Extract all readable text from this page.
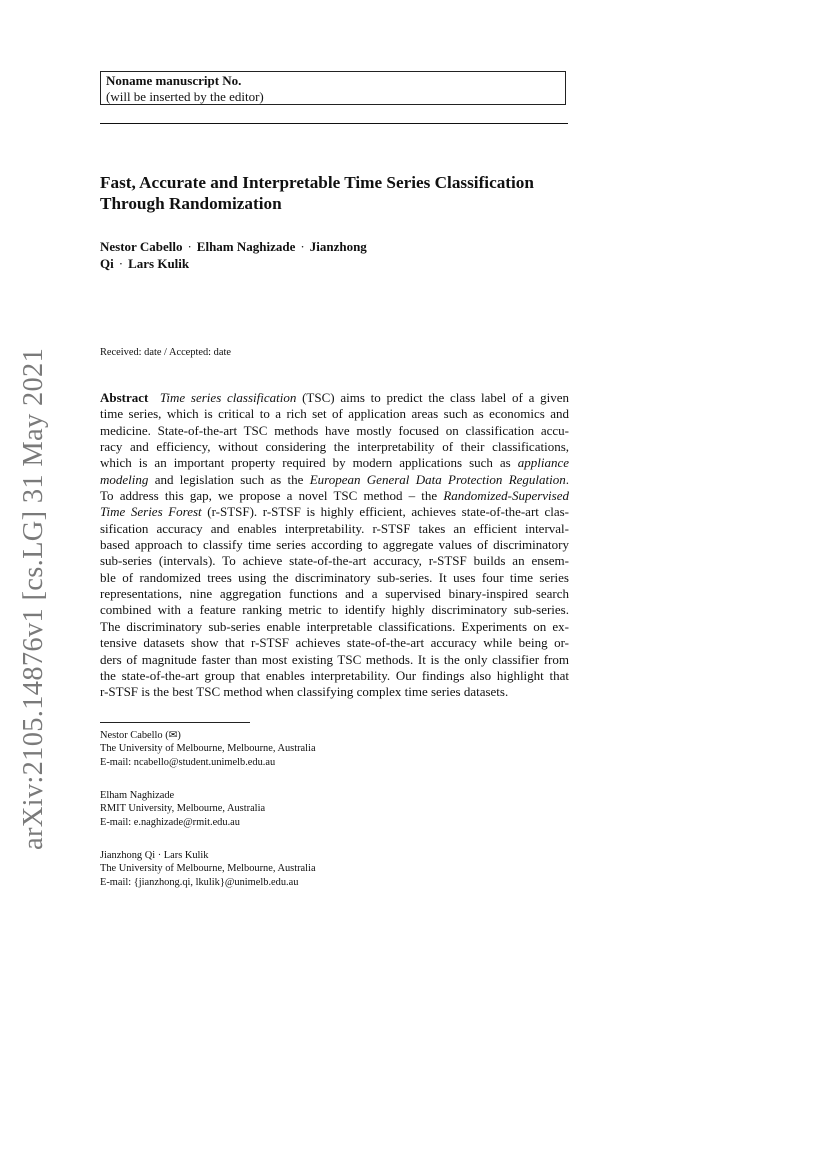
arXiv:2105.14876v1 [cs.LG] 31 May 2021
Noname manuscript No.
(will be inserted by the editor)
Fast, Accurate and Interpretable Time Series Classification
Through Randomization
Nestor Cabello · Elham Naghizade · Jianzhong
Qi · Lars Kulik
Received: date / Accepted: date
Abstract Time series classification (TSC) aims to predict the class label of a given
time series, which is critical to a rich set of application areas such as economics and
medicine. State-of-the-art TSC methods have mostly focused on classification accu-
racy and efficiency, without considering the interpretability of their classifications,
which is an important property required by modern applications such as appliance
modeling and legislation such as the European General Data Protection Regulation.
To address this gap, we propose a novel TSC method – the Randomized-Supervised
Time Series Forest (r-STSF). r-STSF is highly efficient, achieves state-of-the-art clas-
sification accuracy and enables interpretability. r-STSF takes an efficient interval-
based approach to classify time series according to aggregate values of discriminatory
sub-series (intervals). To achieve state-of-the-art accuracy, r-STSF builds an ensem-
ble of randomized trees using the discriminatory sub-series. It uses four time series
representations, nine aggregation functions and a supervised binary-inspired search
combined with a feature ranking metric to identify highly discriminatory sub-series.
The discriminatory sub-series enable interpretable classifications. Experiments on ex-
tensive datasets show that r-STSF achieves state-of-the-art accuracy while being or-
ders of magnitude faster than most existing TSC methods. It is the only classifier from
the state-of-the-art group that enables interpretability. Our findings also highlight that
r-STSF is the best TSC method when classifying complex time series datasets.
Nestor Cabello (✉)
The University of Melbourne, Melbourne, Australia
E-mail: ncabello@student.unimelb.edu.au
Elham Naghizade
RMIT University, Melbourne, Australia
E-mail: e.naghizade@rmit.edu.au
Jianzhong Qi · Lars Kulik
The University of Melbourne, Melbourne, Australia
E-mail: {jianzhong.qi, lkulik}@unimelb.edu.au
